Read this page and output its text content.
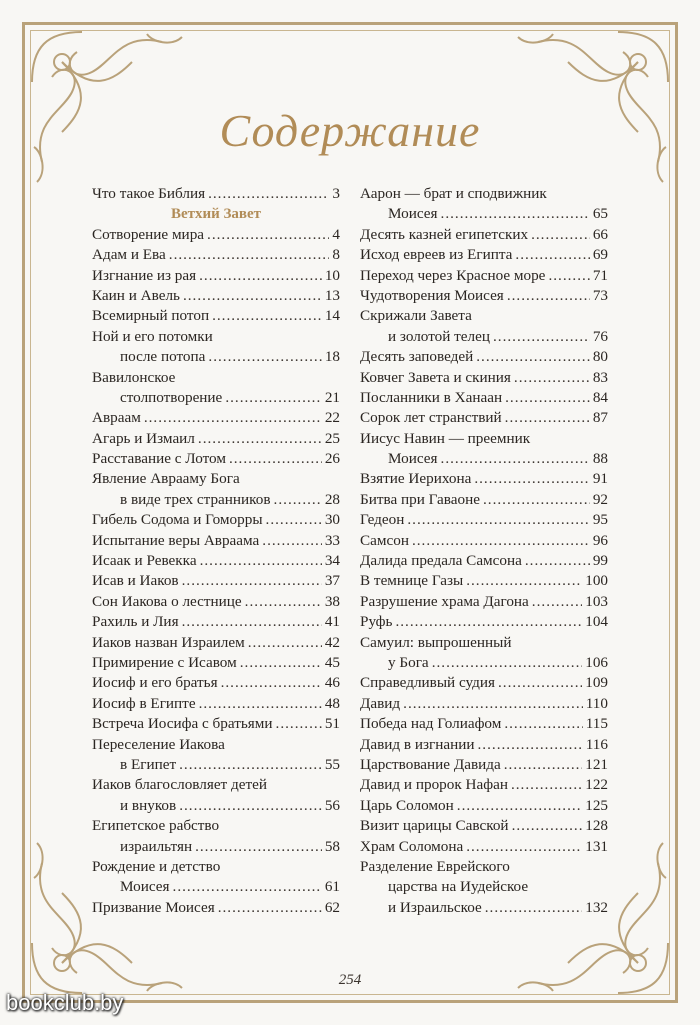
Содержание
Что такое Библия .....	3
Ветхий Завет
Сотворение мира .....	4
Адам и Ева .....	8
Изгнание из рая .....	10
Каин и Авель .....	13
Всемирный потоп .....	14
Ной и его потомки
после потопа .....	18
Вавилонское
столпотворение .....	21
Авраам .....	22
Агарь и Измаил .....	25
Расставание с Лотом .....	26
Явление Аврааму Бога
в виде трех странников .....	28
Гибель Содома и Гоморры .....	30
Испытание веры Авраама .....	33
Исаак и Ревекка .....	34
Исав и Иаков .....	37
Сон Иакова о лестнице .....	38
Рахиль и Лия .....	41
Иаков назван Израилем .....	42
Примирение с Исавом .....	45
Иосиф и его братья .....	46
Иосиф в Египте .....	48
Встреча Иосифа с братьями .....	51
Переселение Иакова
в Египет .....	55
Иаков благословляет детей
и внуков .....	56
Египетское рабство
израильтян .....	58
Рождение и детство
Моисея .....	61
Призвание Моисея .....	62
Аарон — брат и сподвижник
Моисея .....	65
Десять казней египетских .....	66
Исход евреев из Египта .....	69
Переход через Красное море .....	71
Чудотворения Моисея .....	73
Скрижали Завета
и золотой телец .....	76
Десять заповедей .....	80
Ковчег Завета и скиния .....	83
Посланники в Ханаан .....	84
Сорок лет странствий .....	87
Иисус Навин — преемник
Моисея .....	88
Взятие Иерихона .....	91
Битва при Гаваоне .....	92
Гедеон .....	95
Самсон .....	96
Далида предала Самсона .....	99
В темнице Газы .....	100
Разрушение храма Дагона .....	103
Руфь .....	104
Самуил: выпрошенный
у Бога .....	106
Справедливый судия .....	109
Давид .....	110
Победа над Голиафом .....	115
Давид в изгнании .....	116
Царствование Давида .....	121
Давид и пророк Нафан .....	122
Царь Соломон .....	125
Визит царицы Савской .....	128
Храм Соломона .....	131
Разделение Еврейского
царства на Иудейское
и Израильское .....	132
254
bookclub.by
